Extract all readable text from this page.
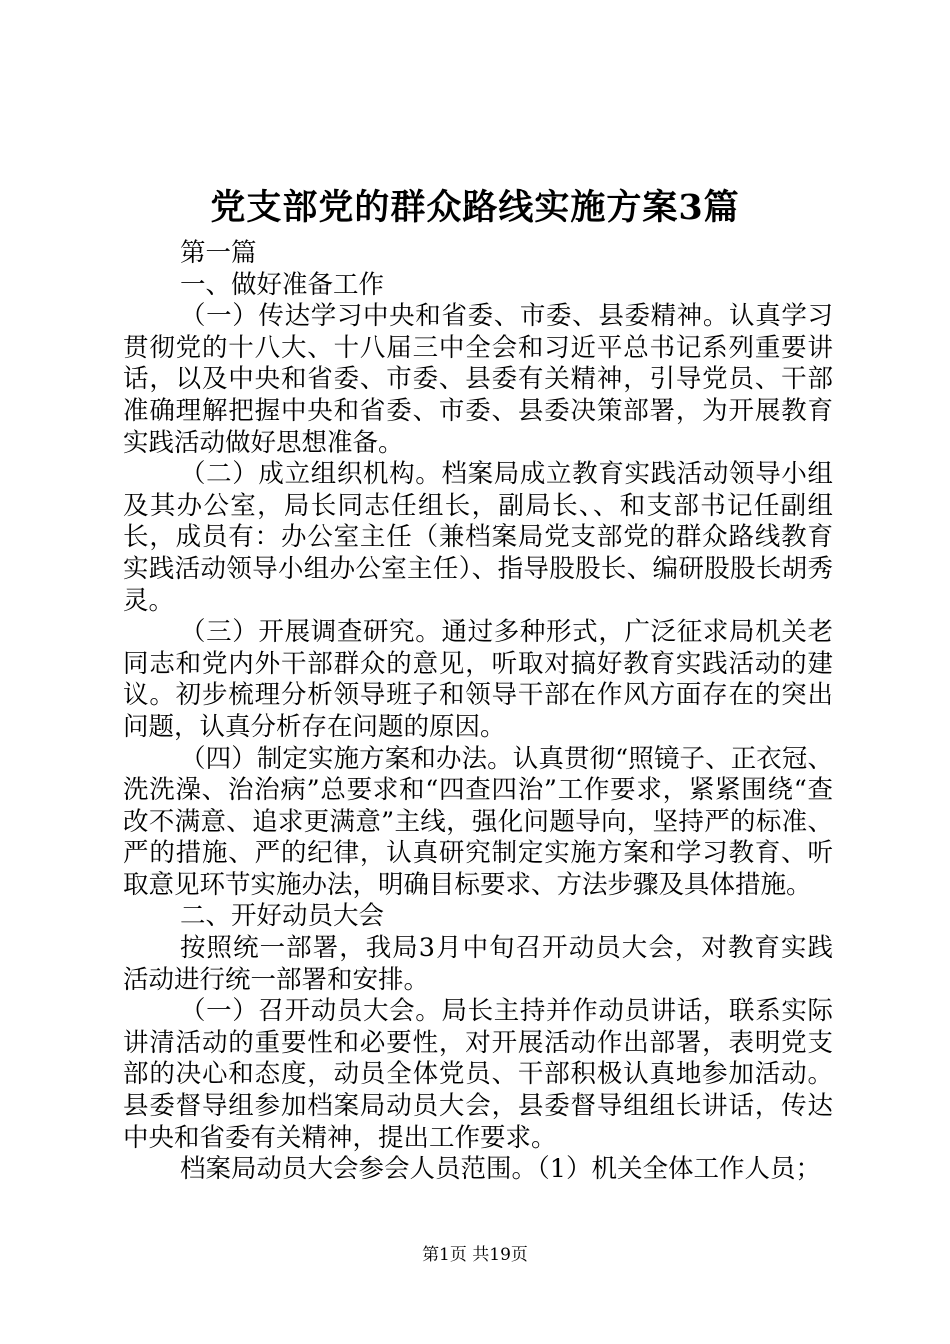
党支部党的群众路线实施方案3篇

第一篇

一、做好准备工作

（一）传达学习中央和省委、市委、县委精神。认真学习贯彻党的十八大、十八届三中全会和习近平总书记系列重要讲话，以及中央和省委、市委、县委有关精神，引导党员、干部准确理解把握中央和省委、市委、县委决策部署，为开展教育实践活动做好思想准备。

（二）成立组织机构。档案局成立教育实践活动领导小组及其办公室，局长同志任组长，副局长、、和支部书记任副组长，成员有：办公室主任（兼档案局党支部党的群众路线教育实践活动领导小组办公室主任）、指导股股长、编研股股长胡秀灵。

（三）开展调查研究。通过多种形式，广泛征求局机关老同志和党内外干部群众的意见，听取对搞好教育实践活动的建议。初步梳理分析领导班子和领导干部在作风方面存在的突出问题，认真分析存在问题的原因。

（四）制定实施方案和办法。认真贯彻“照镜子、正衣冠、洗洗澡、治治病”总要求和“四查四治”工作要求，紧紧围绕“查改不满意、追求更满意”主线，强化问题导向，坚持严的标准、严的措施、严的纪律，认真研究制定实施方案和学习教育、听取意见环节实施办法，明确目标要求、方法步骤及具体措施。

二、开好动员大会

按照统一部署，我局3月中旬召开动员大会，对教育实践活动进行统一部署和安排。

（一）召开动员大会。局长主持并作动员讲话，联系实际讲清活动的重要性和必要性，对开展活动作出部署，表明党支部的决心和态度，动员全体党员、干部积极认真地参加活动。县委督导组参加档案局动员大会，县委督导组组长讲话，传达中央和省委有关精神，提出工作要求。

档案局动员大会参会人员范围。（1）机关全体工作人员；

第1页 共19页
